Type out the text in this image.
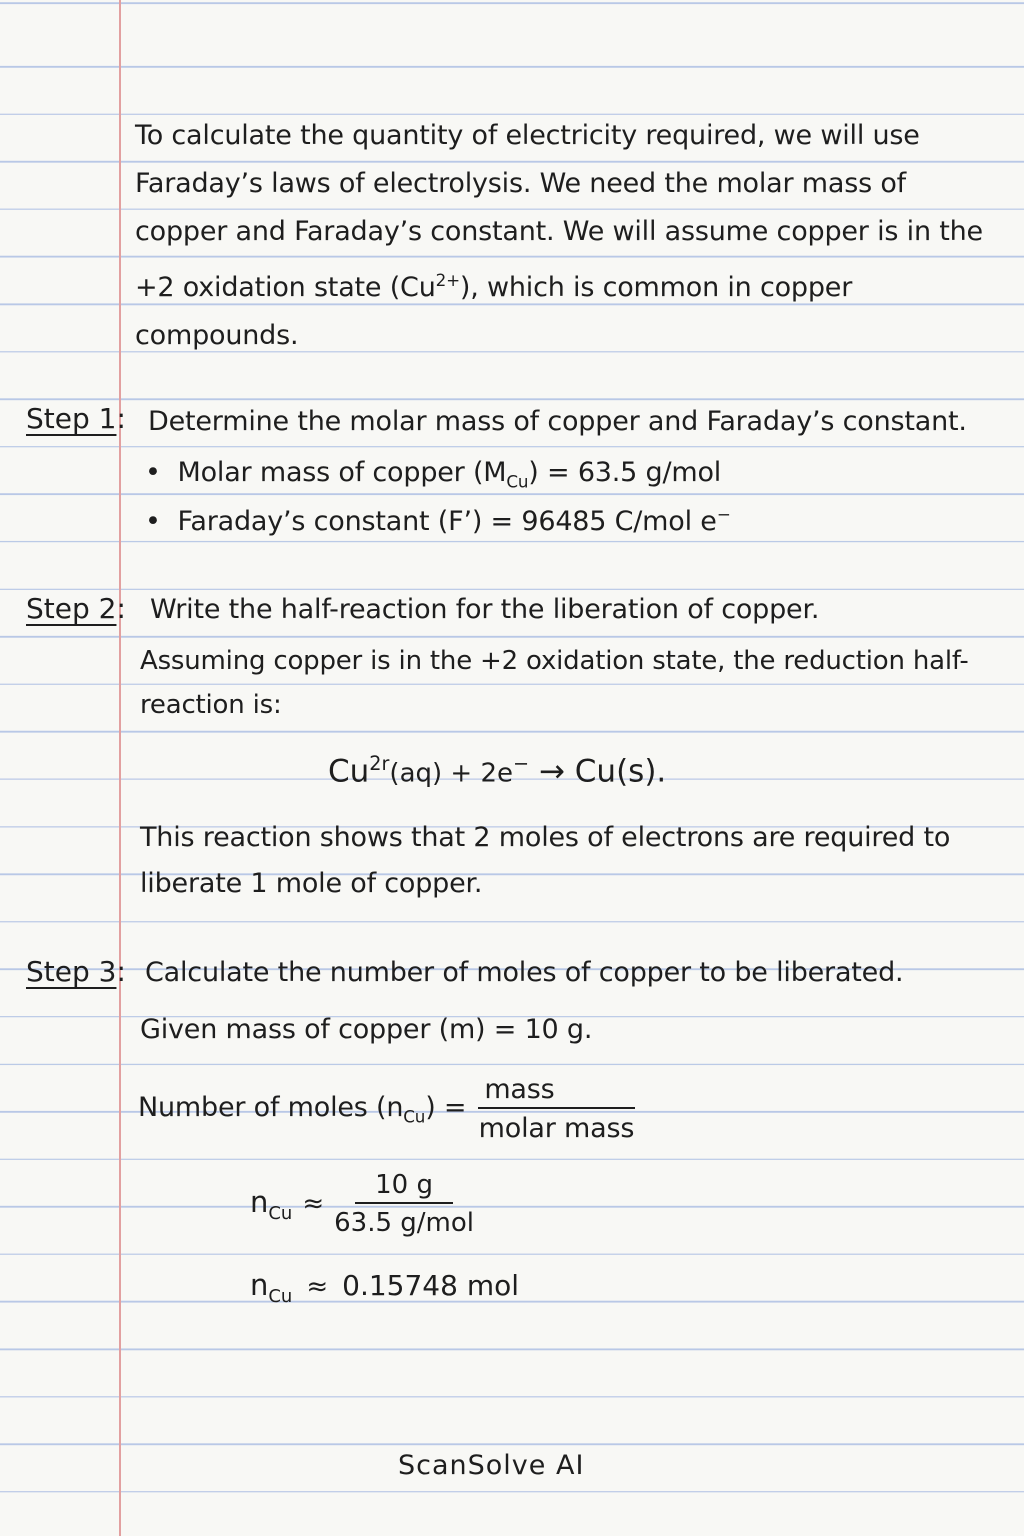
To calculate the quantity of electricity required, we will use Faraday’s laws of electrolysis. We need the molar mass of copper and Faraday’s constant. We will assume copper is in the +2 oxidation state $(Cu^{2+})$, which is common in copper compounds.
Step 1: Determine the molar mass of copper and Faraday’s constant.
• Molar mass of copper $(M_{Cu}) = 63.5$ g/mol
• Faraday’s constant (F’) = 96485 C/mol e−
Step 2: Write the half-reaction for the liberation of copper.
Assuming copper is in the +2 oxidation state, the reduction half-
reaction is:
$Cu^{2r}(aq) + 2e^- \to Cu(s)$.
This reaction shows that 2 moles of electrons are required to
liberate 1 mole of copper.
Step 3: Calculate the number of moles of copper to be liberated.
Given mass of copper (m) = 10 g.
Number of moles $(n_{Cu}) = \frac{\text{mass}}{\text{molar mass}}$
$n_{Cu} \approx \frac{10 g}{\text{63.5 g/mol}}$
$n_{Cu} \approx 0.15748$ mol
ScanSolve AI
